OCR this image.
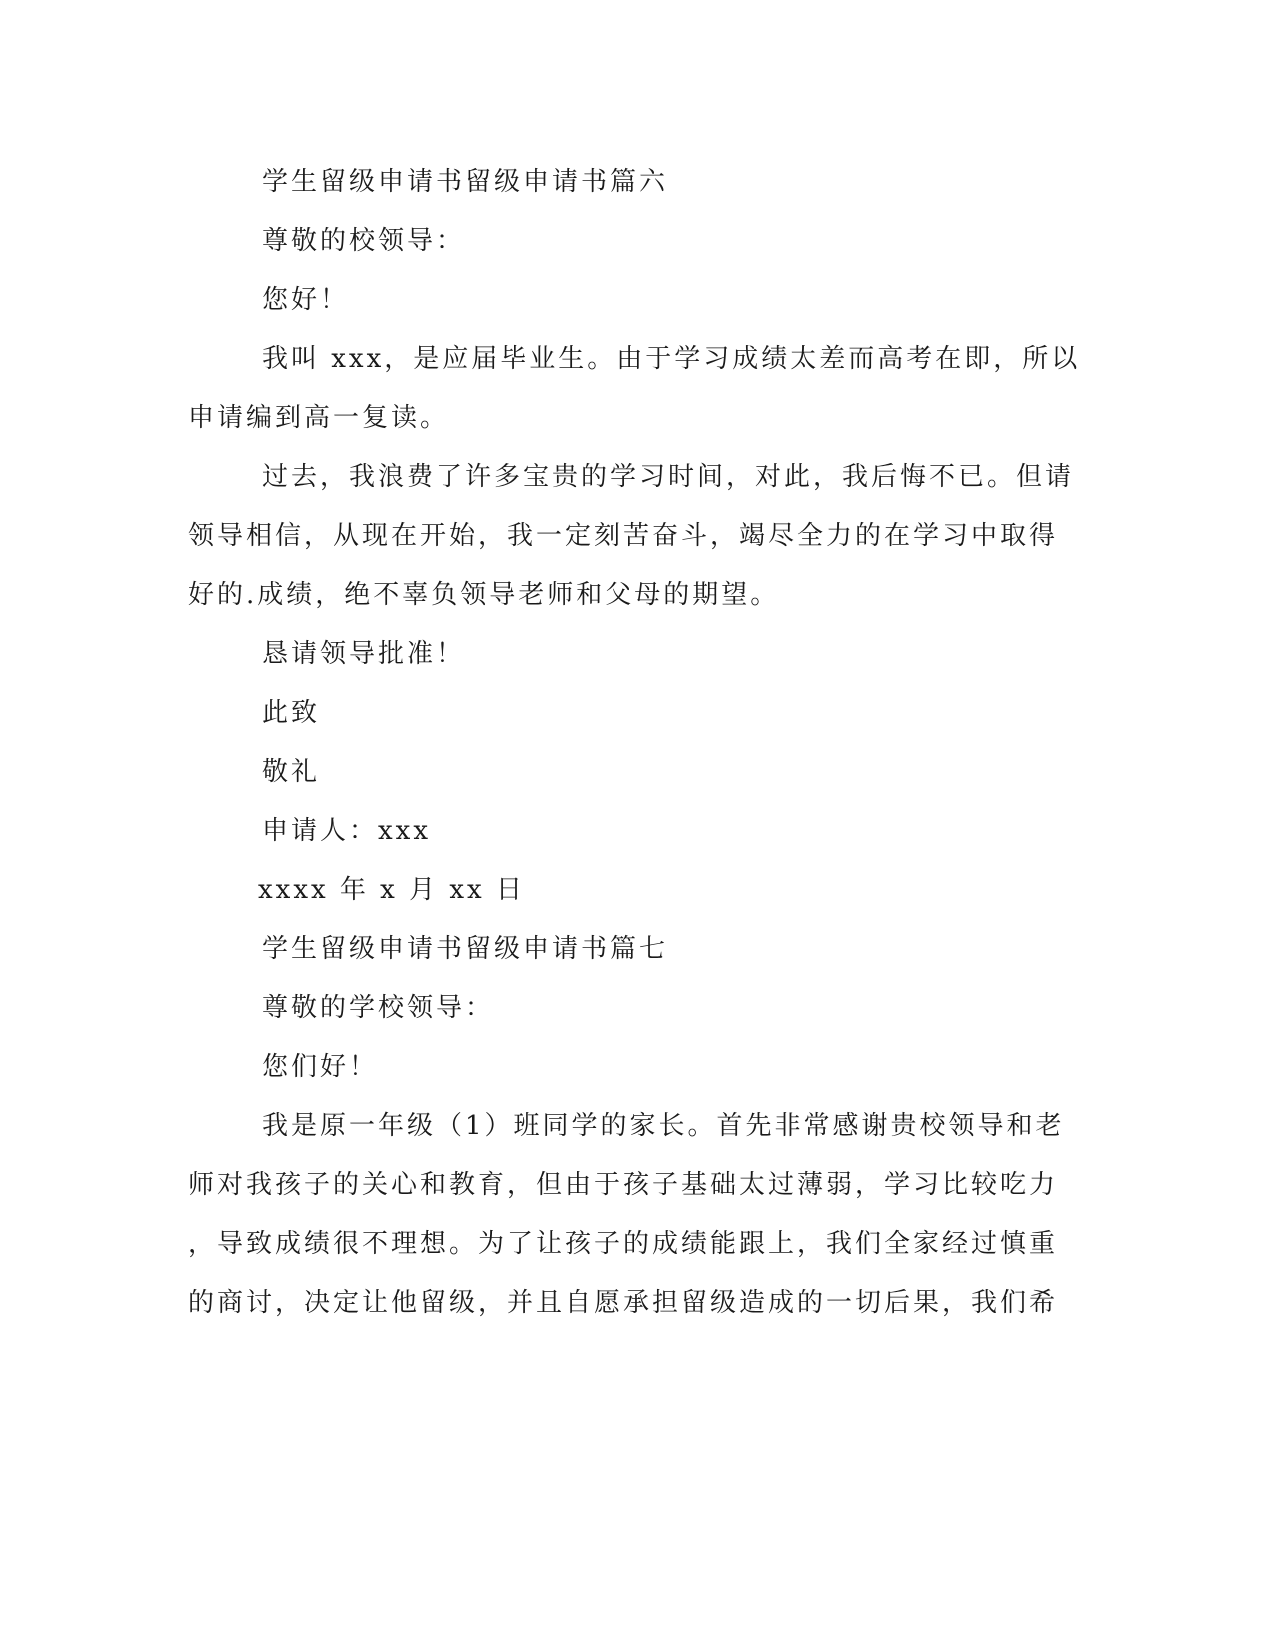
学生留级申请书留级申请书篇六
尊敬的校领导：
您好！
我叫 xxx，是应届毕业生。由于学习成绩太差而高考在即，所以
申请编到高一复读。
过去，我浪费了许多宝贵的学习时间，对此，我后悔不已。但请
领导相信，从现在开始，我一定刻苦奋斗，竭尽全力的在学习中取得
好的.成绩，绝不辜负领导老师和父母的期望。
恳请领导批准！
此致
敬礼
申请人：xxx
xxxx 年 x 月 xx 日
学生留级申请书留级申请书篇七
尊敬的学校领导：
您们好！
我是原一年级（1）班同学的家长。首先非常感谢贵校领导和老
师对我孩子的关心和教育，但由于孩子基础太过薄弱，学习比较吃力
，导致成绩很不理想。为了让孩子的成绩能跟上，我们全家经过慎重
的商讨，决定让他留级，并且自愿承担留级造成的一切后果，我们希
